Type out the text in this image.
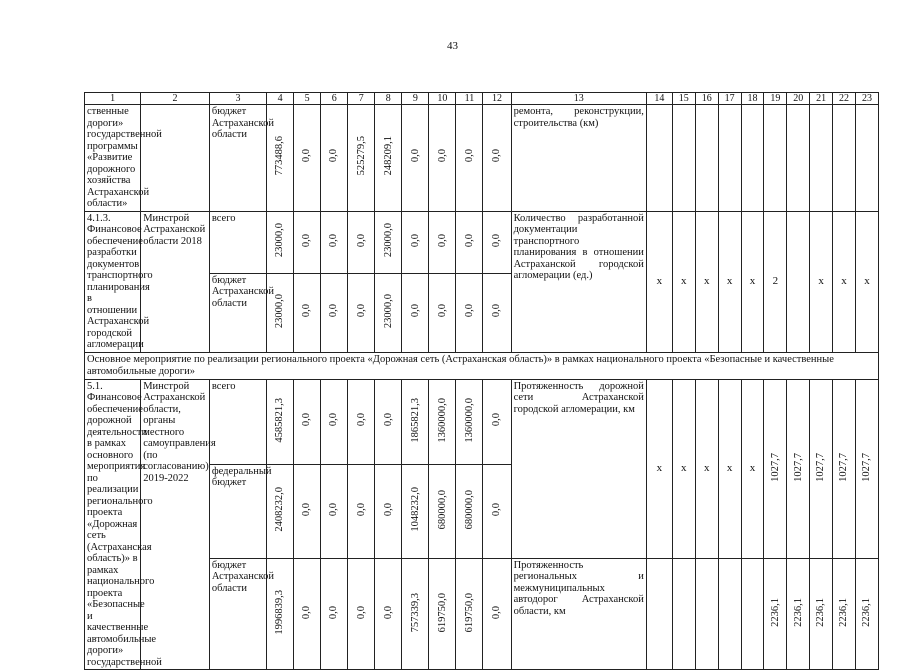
43
1	2	3	4	5	6	7	8	9	10	11	12	13	14	15	16	17	18	19	20	21	22	23
ственные дороги» государственной программы «Развитие дорожного хозяйства Астраханской области»		бюджет Астраханской области	773488,6	0,0	0,0	525279,5	248209,1	0,0	0,0	0,0	0,0	ремонта, реконструкции, строительства (км)										
4.1.3. Финансовое обеспечение разработки документов транспортного планирования в отношении Астраханской городской агломерации	Минстрой Астраханской области 2018	всего	23000,0	0,0	0,0	0,0	23000,0	0,0	0,0	0,0	0,0	Количество разработанной документации транспортного планирования в отношении Астраханской городской агломерации (ед.)	x	x	x	x	x	2		x	x	x
		бюджет Астраханской области	23000,0	0,0	0,0	0,0	23000,0	0,0	0,0	0,0	0,0											
Основное мероприятие по реализации регионального проекта «Дорожная сеть (Астраханская область)» в рамках национального проекта «Безопасные и качественные автомобильные дороги»																						
5.1. Финансовое обеспечение дорожной деятельности в рамках основного мероприятия по реализации регионального проекта «Дорожная сеть (Астраханская область)» в рамках национального проекта «Безопасные и качественные автомобильные дороги» государственной	Минстрой Астраханской области, органы местного самоуправления (по согласованию) 2019-2022	всего	4585821,3	0,0	0,0	0,0	0,0	1865821,3	1360000,0	1360000,0	0,0	Протяженность дорожной сети Астраханской городской агломерации, км	x	x	x	x	x	1027,7	1027,7	1027,7	1027,7	1027,7
		федеральный бюджет	2408232,0	0,0	0,0	0,0	0,0	1048232,0	680000,0	680000,0	0,0											
		бюджет Астраханской области	1996839,3	0,0	0,0	0,0	0,0	757339,3	619750,0	619750,0	0,0	Протяженность региональных и межмуниципальных автодорог Астраханской области, км						2236,1	2236,1	2236,1	2236,1	2236,1
